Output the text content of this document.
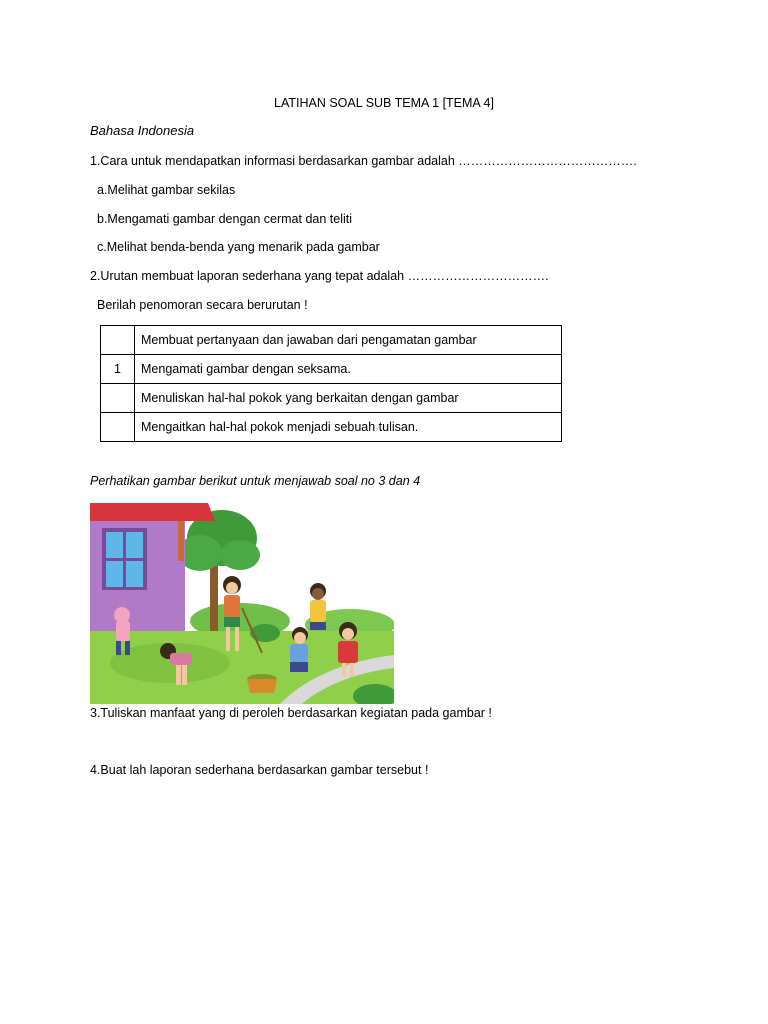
LATIHAN SOAL SUB TEMA 1 [TEMA 4]
Bahasa Indonesia
1.Cara untuk mendapatkan informasi berdasarkan gambar adalah …………………………………….
a.Melihat gambar sekilas
b.Mengamati gambar dengan cermat dan teliti
c.Melihat benda-benda yang menarik pada gambar
2.Urutan membuat laporan sederhana yang tepat adalah …………………………….
Berilah penomoran secara berurutan !
	Membuat pertanyaan dan jawaban dari pengamatan gambar
1	Mengamati gambar dengan seksama.
	Menuliskan hal-hal pokok yang berkaitan dengan gambar
	Mengaitkan hal-hal pokok menjadi sebuah tulisan.
Perhatikan gambar berikut untuk menjawab soal no 3 dan 4
3.Tuliskan manfaat yang di peroleh berdasarkan kegiatan pada gambar !
4.Buat lah laporan sederhana berdasarkan gambar tersebut !
